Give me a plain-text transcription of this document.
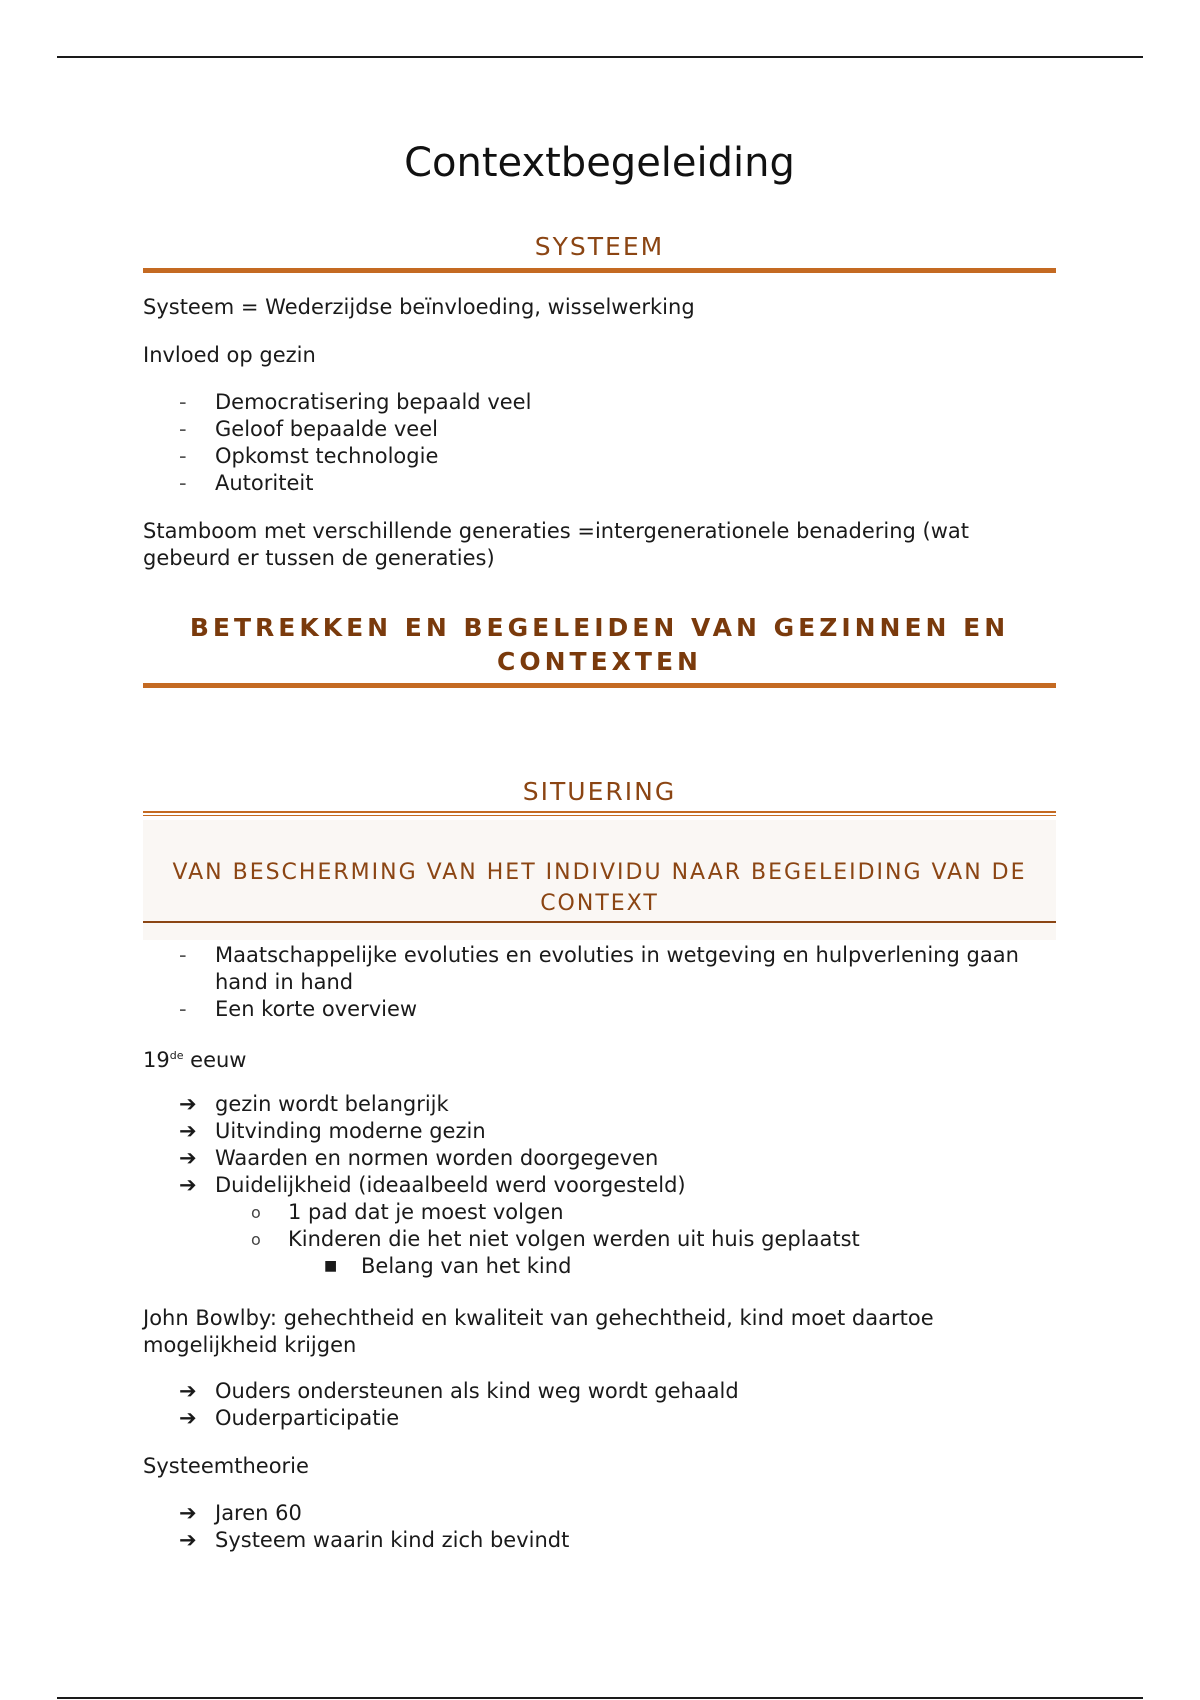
Contextbegeleiding
SYSTEEM
Systeem = Wederzijdse beïnvloeding, wisselwerking
Invloed op gezin
- Democratisering bepaald veel
- Geloof bepaalde veel
- Opkomst technologie
- Autoriteit
Stamboom met verschillende generaties =intergenerationele benadering (wat gebeurd er tussen de generaties)
BETREKKEN EN BEGELEIDEN VAN GEZINNEN EN CONTEXTEN
SITUERING
VAN BESCHERMING VAN HET INDIVIDU NAAR BEGELEIDING VAN DE CONTEXT
- Maatschappelijke evoluties en evoluties in wetgeving en hulpverlening gaan hand in hand
- Een korte overview
19de eeuw
➔ gezin wordt belangrijk
➔ Uitvinding moderne gezin
➔ Waarden en normen worden doorgegeven
➔ Duidelijkheid (ideaalbeeld werd voorgesteld)
o 1 pad dat je moest volgen
o Kinderen die het niet volgen werden uit huis geplaatst
■ Belang van het kind
John Bowlby: gehechtheid en kwaliteit van gehechtheid, kind moet daartoe mogelijkheid krijgen
➔ Ouders ondersteunen als kind weg wordt gehaald
➔ Ouderparticipatie
Systeemtheorie
➔ Jaren 60
➔ Systeem waarin kind zich bevindt
